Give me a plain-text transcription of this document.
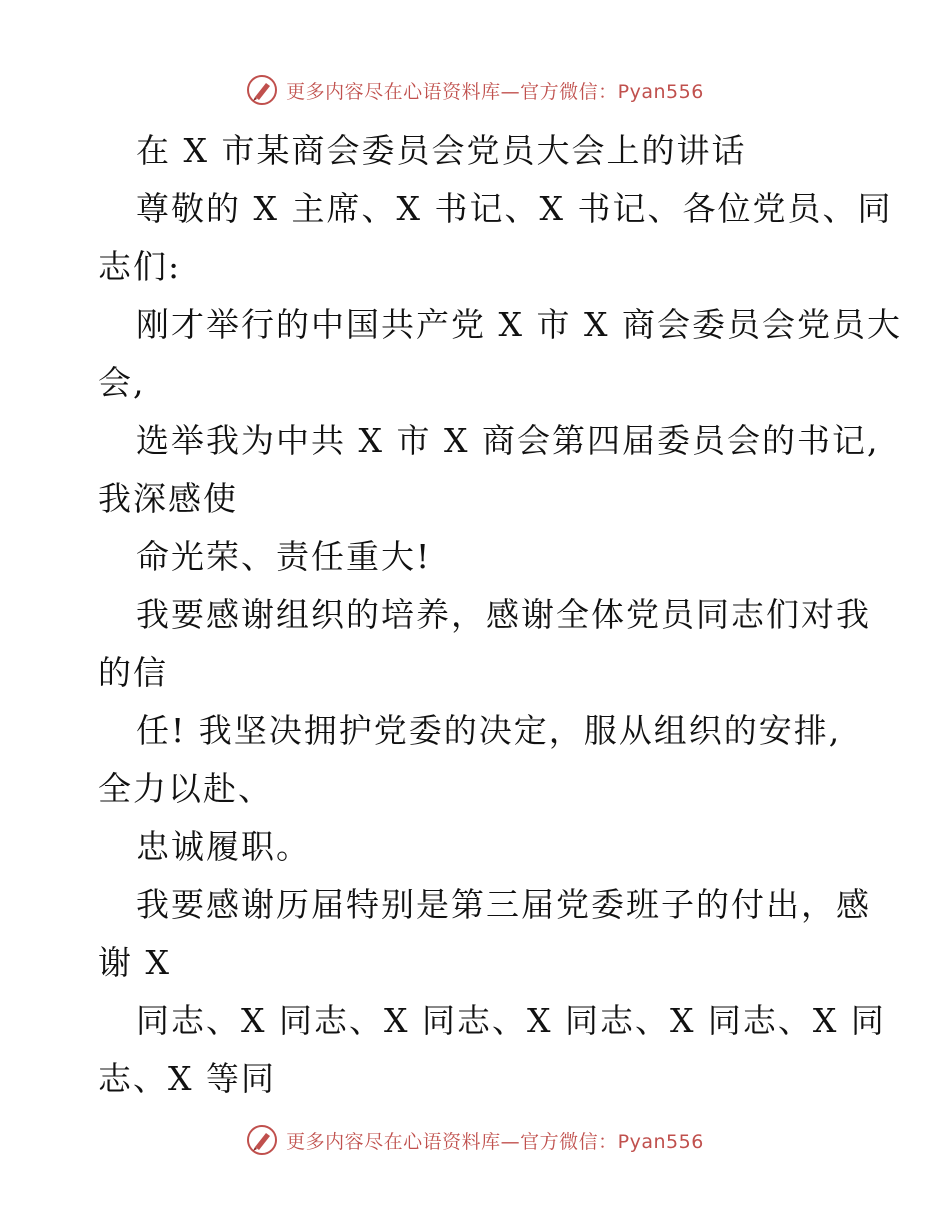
更多内容尽在心语资料库—官方微信：Pyan556
在 X 市某商会委员会党员大会上的讲话
尊敬的 X 主席、X 书记、X 书记、各位党员、同
志们:
刚才举行的中国共产党 X 市 X 商会委员会党员大
会,
选举我为中共 X 市 X 商会第四届委员会的书记,
我深感使
命光荣、责任重大!
我要感谢组织的培养，感谢全体党员同志们对我
的信
任! 我坚决拥护党委的决定，服从组织的安排,
全力以赴、
忠诚履职。
我要感谢历届特别是第三届党委班子的付出，感
谢 X
同志、X 同志、X 同志、X 同志、X 同志、X 同
志、X 等同
更多内容尽在心语资料库—官方微信：Pyan556
